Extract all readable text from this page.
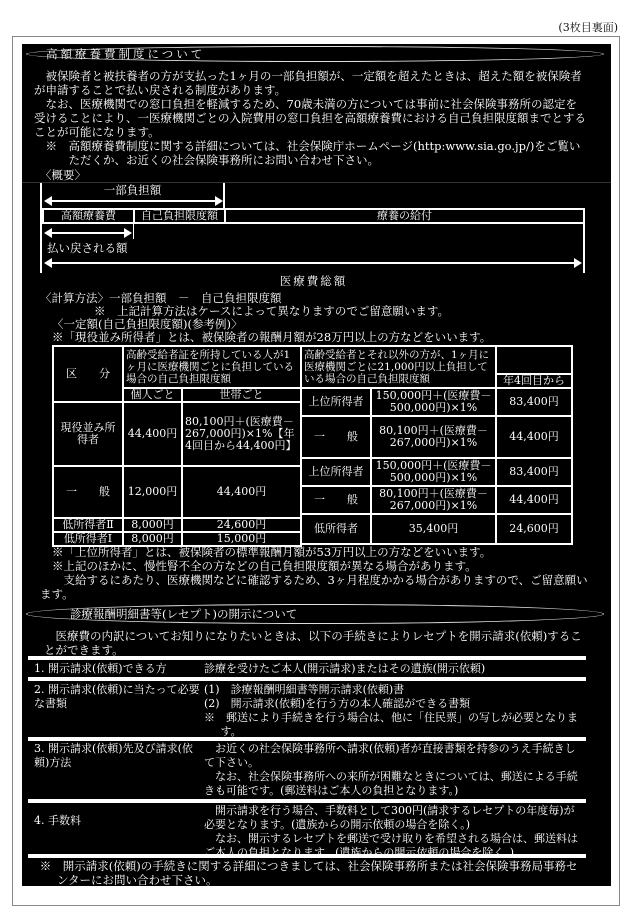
(3枚目裏面)
高額療養費制度について

被保険者と被扶養者の方が支払った1ヶ月の一部負担額が、一定額を超えたときは、超えた額を被保険者が申請することで払い戻される制度があります。

なお、医療機関での窓口負担を軽減するため、70歳未満の方については事前に社会保険事務所の認定を受けることにより、一医療機関ごとの入院費用の窓口負担を高額療養費における自己負担限度額までとすることが可能になります。

※　高額療養費制度に関する詳細については、社会保険庁ホームページ(http:www.sia.go.jp/)をご覧いただくか、お近くの社会保険事務所にお問い合わせ下さい。

〈概要〉
一部負担額
高額療養費	自己負担限度額	療養の給付
払い戻される額
医療費総額
〈計算方法〉一部負担額　－　自己負担限度額
※　上記計算方法はケースによって異なりますのでご留意願います。
〈一定額(自己負担限度額)(参考例)〉
※「現役並み所得者」とは、被保険者の報酬月額が28万円以上の方などをいいます。
区　　分	高齢受給者証を所持している人が1ヶ月に医療機関ごとに負担している場合の自己負担限度額	
	個人ごと	世帯ごと
現役並み所得者	44,400円	80,100円＋(医療費－267,000円)×1%【年4回目から44,400円】
一　　般	12,000円	44,400円
低所得者Ⅱ	8,000円	24,600円
低所得者Ⅰ	8,000円	15,000円
高齢受給者とそれ以外の方が、1ヶ月に医療機関ごとに21,000円以上負担している場合の自己負担限度額		
		年4回目から
上位所得者	150,000円＋(医療費－500,000円)×1%	83,400円
一　　般	80,100円＋(医療費－267,000円)×1%	44,400円
上位所得者	150,000円＋(医療費－500,000円)×1%	83,400円
一　　般	80,100円＋(医療費－267,000円)×1%	44,400円
低所得者	35,400円	24,600円

※「上位所得者」とは、被保険者の標準報酬月額が53万円以上の方などをいいます。

※上記のほかに、慢性腎不全の方などの自己負担限度額が異なる場合があります。

　支給するにあたり、医療機関などに確認するため、3ヶ月程度かかる場合がありますので、ご留意願います。

診療報酬明細書等(レセプト)の開示について
医療費の内訳についてお知りになりたいときは、以下の手続きによりレセプトを開示請求(依頼)することができます。
1. 開示請求(依頼)できる方	診療を受けたご本人(開示請求)またはその遺族(開示依頼)

2. 開示請求(依頼)に当たって必要な書類

(1)　診療報酬明細書等開示請求(依頼)書

(2)　開示請求(依頼)を行う方の本人確認ができる書類

※　郵送により手続きを行う場合は、他に「住民票」の写しが必要となります。

3. 開示請求(依頼)先及び請求(依頼)方法

　お近くの社会保険事務所へ請求(依頼)者が直接書類を持参のうえ手続きして下さい。

　なお、社会保険事務所への来所が困難なときについては、郵送による手続きも可能です。(郵送料はご本人の負担となります。)

4. 手数料

　開示請求を行う場合、手数料として300円(請求するレセプトの年度毎)が必要となります。(遺族からの開示依頼の場合を除く。)

　なお、開示するレセプトを郵送で受け取りを希望される場合は、郵送料はご本人の負担となります。(遺族からの開示依頼の場合を除く。)

※　開示請求(依頼)の手続きに関する詳細につきましては、社会保険事務所または社会保険事務局事務センターにお問い合わせ下さい。
